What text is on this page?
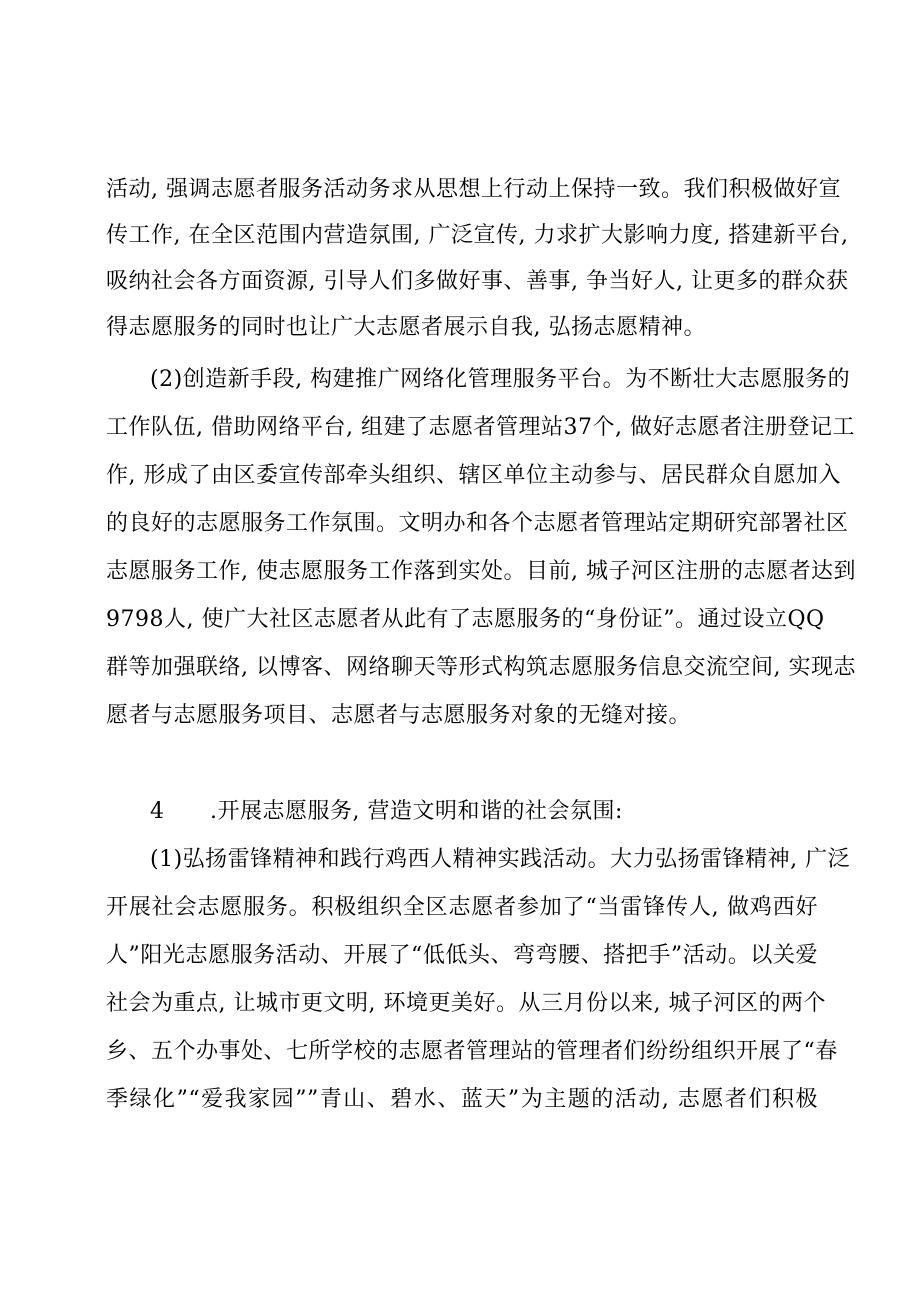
活动, 强调志愿者服务活动务求从思想上行动上保持一致。我们积极做好宣
传工作, 在全区范围内营造氛围, 广泛宣传, 力求扩大影响力度, 搭建新平台,
吸纳社会各方面资源, 引导人们多做好事、善事, 争当好人, 让更多的群众获
得志愿服务的同时也让广大志愿者展示自我, 弘扬志愿精神。
(2)创造新手段, 构建推广网络化管理服务平台。为不断壮大志愿服务的
工作队伍, 借助网络平台, 组建了志愿者管理站37个, 做好志愿者注册登记工
作, 形成了由区委宣传部牵头组织、辖区单位主动参与、居民群众自愿加入
的良好的志愿服务工作氛围。文明办和各个志愿者管理站定期研究部署社区
志愿服务工作, 使志愿服务工作落到实处。目前, 城子河区注册的志愿者达到
9798人, 使广大社区志愿者从此有了志愿服务的“身份证”。通过设立QQ
群等加强联络, 以博客、网络聊天等形式构筑志愿服务信息交流空间, 实现志
愿者与志愿服务项目、志愿者与志愿服务对象的无缝对接。
4 .开展志愿服务, 营造文明和谐的社会氛围:
(1)弘扬雷锋精神和践行鸡西人精神实践活动。大力弘扬雷锋精神, 广泛
开展社会志愿服务。积极组织全区志愿者参加了“当雷锋传人, 做鸡西好
人”阳光志愿服务活动、开展了“低低头、弯弯腰、搭把手”活动。以关爱
社会为重点, 让城市更文明, 环境更美好。从三月份以来, 城子河区的两个
乡、五个办事处、七所学校的志愿者管理站的管理者们纷纷组织开展了“春
季绿化”“爱我家园””青山、碧水、蓝天”为主题的活动, 志愿者们积极
